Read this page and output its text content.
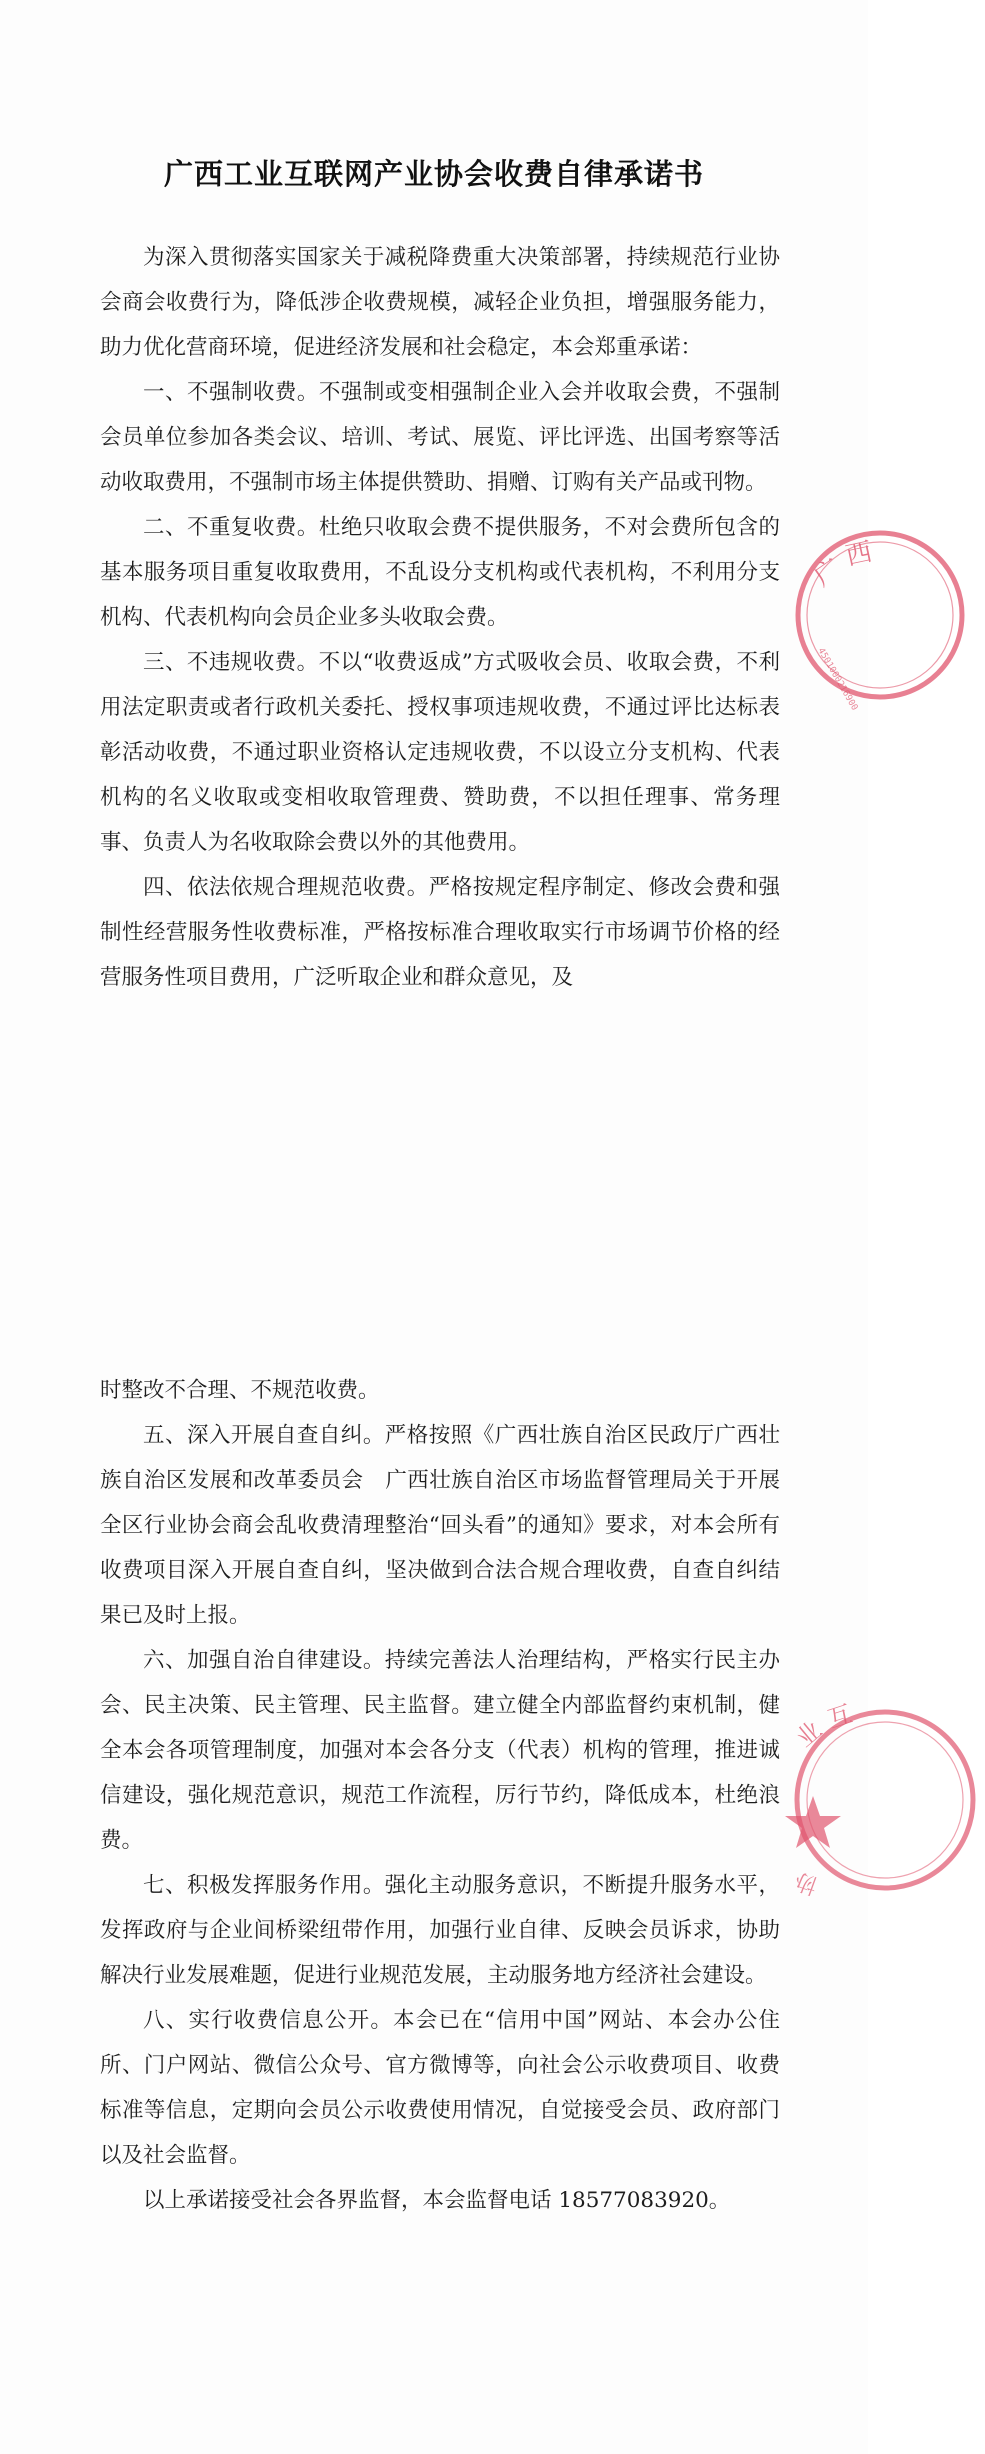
广西工业互联网产业协会收费自律承诺书

为深入贯彻落实国家关于减税降费重大决策部署，持续规范行业协会商会收费行为，降低涉企收费规模，减轻企业负担，增强服务能力，助力优化营商环境，促进经济发展和社会稳定，本会郑重承诺：

一、不强制收费。不强制或变相强制企业入会并收取会费，不强制会员单位参加各类会议、培训、考试、展览、评比评选、出国考察等活动收取费用，不强制市场主体提供赞助、捐赠、订购有关产品或刊物。

二、不重复收费。杜绝只收取会费不提供服务，不对会费所包含的基本服务项目重复收取费用，不乱设分支机构或代表机构，不利用分支机构、代表机构向会员企业多头收取会费。

三、不违规收费。不以“收费返成”方式吸收会员、收取会费，不利用法定职责或者行政机关委托、授权事项违规收费，不通过评比达标表彰活动收费，不通过职业资格认定违规收费，不以设立分支机构、代表机构的名义收取或变相收取管理费、赞助费，不以担任理事、常务理事、负责人为名收取除会费以外的其他费用。

四、依法依规合理规范收费。严格按规定程序制定、修改会费和强制性经营服务性收费标准，严格按标准合理收取实行市场调节价格的经营服务性项目费用，广泛听取企业和群众意见，及

时整改不合理、不规范收费。

五、深入开展自查自纠。严格按照《广西壮族自治区民政厅广西壮族自治区发展和改革委员会　广西壮族自治区市场监督管理局关于开展全区行业协会商会乱收费清理整治“回头看”的通知》要求，对本会所有收费项目深入开展自查自纠，坚决做到合法合规合理收费，自查自纠结果已及时上报。

六、加强自治自律建设。持续完善法人治理结构，严格实行民主办会、民主决策、民主管理、民主监督。建立健全内部监督约束机制，健全本会各项管理制度，加强对本会各分支（代表）机构的管理，推进诚信建设，强化规范意识，规范工作流程，厉行节约，降低成本，杜绝浪费。

七、积极发挥服务作用。强化主动服务意识，不断提升服务水平，发挥政府与企业间桥梁纽带作用，加强行业自律、反映会员诉求，协助解决行业发展难题，促进行业规范发展，主动服务地方经济社会建设。

八、实行收费信息公开。本会已在“信用中国”网站、本会办公住所、门户网站、微信公众号、官方微博等，向社会公示收费项目、收费标准等信息，定期向会员公示收费使用情况，自觉接受会员、政府部门以及社会监督。

以上承诺接受社会各界监督，本会监督电话 18577083920。

广
西
4501000216900
业
互
协
